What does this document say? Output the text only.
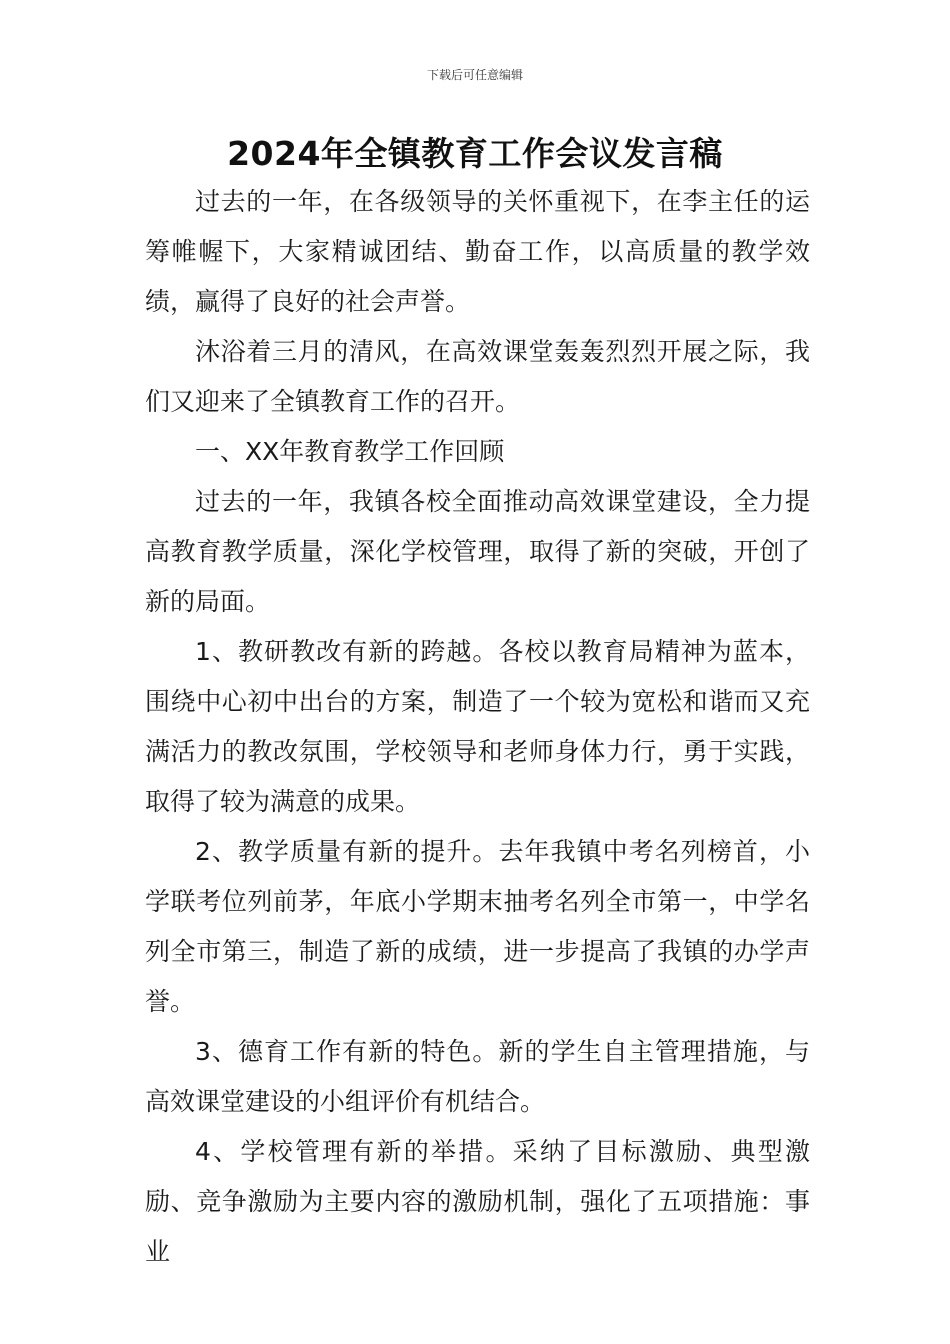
下载后可任意编辑
2024年全镇教育工作会议发言稿

过去的一年，在各级领导的关怀重视下，在李主任的运筹帷幄下，大家精诚团结、勤奋工作，以高质量的教学效绩，赢得了良好的社会声誉。

沐浴着三月的清风，在高效课堂轰轰烈烈开展之际，我们又迎来了全镇教育工作的召开。

一、XX年教育教学工作回顾

过去的一年，我镇各校全面推动高效课堂建设，全力提高教育教学质量，深化学校管理，取得了新的突破，开创了新的局面。

1、教研教改有新的跨越。各校以教育局精神为蓝本，围绕中心初中出台的方案，制造了一个较为宽松和谐而又充满活力的教改氛围，学校领导和老师身体力行，勇于实践，取得了较为满意的成果。

2、教学质量有新的提升。去年我镇中考名列榜首，小学联考位列前茅，年底小学期末抽考名列全市第一，中学名列全市第三，制造了新的成绩，进一步提高了我镇的办学声誉。

3、德育工作有新的特色。新的学生自主管理措施，与高效课堂建设的小组评价有机结合。

4、学校管理有新的举措。采纳了目标激励、典型激励、竞争激励为主要内容的激励机制，强化了五项措施：事业
